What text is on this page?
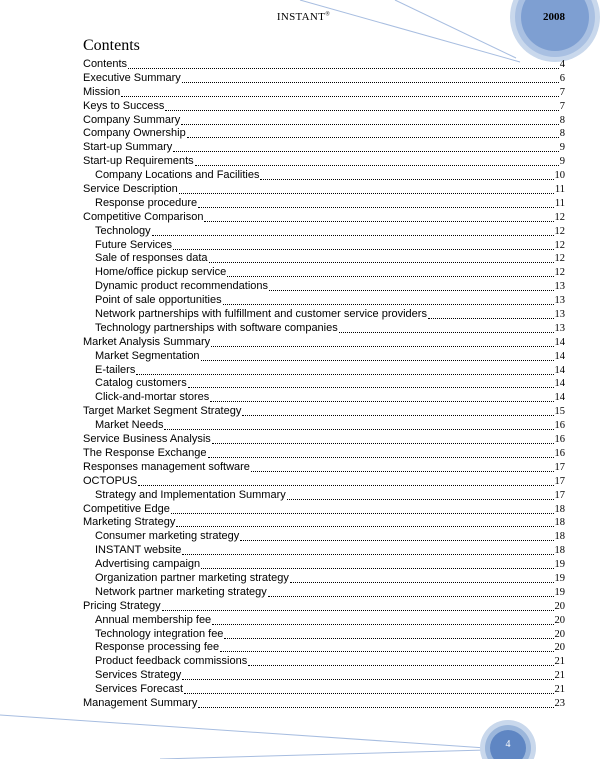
INSTANT®	2008
Contents
Contents	4
Executive Summary	6
Mission	7
Keys to Success	7
Company Summary	8
Company Ownership	8
Start-up Summary	9
Start-up Requirements	9
Company Locations and Facilities	10
Service Description	11
Response procedure	11
Competitive Comparison	12
Technology	12
Future Services	12
Sale of responses data	12
Home/office pickup service	12
Dynamic product recommendations	13
Point of sale opportunities	13
Network partnerships with fulfillment and customer service providers	13
Technology partnerships with software companies	13
Market Analysis Summary	14
Market Segmentation	14
E-tailers	14
Catalog customers	14
Click-and-mortar stores	14
Target Market Segment Strategy	15
Market Needs	16
Service Business Analysis	16
The Response Exchange	16
Responses management software	17
OCTOPUS	17
Strategy and Implementation Summary	17
Competitive Edge	18
Marketing Strategy	18
Consumer marketing strategy	18
INSTANT website	18
Advertising campaign	19
Organization partner marketing strategy	19
Network partner marketing strategy	19
Pricing Strategy	20
Annual membership fee	20
Technology integration fee	20
Response processing fee	20
Product feedback commissions	21
Services Strategy	21
Services Forecast	21
Management Summary	23
4
